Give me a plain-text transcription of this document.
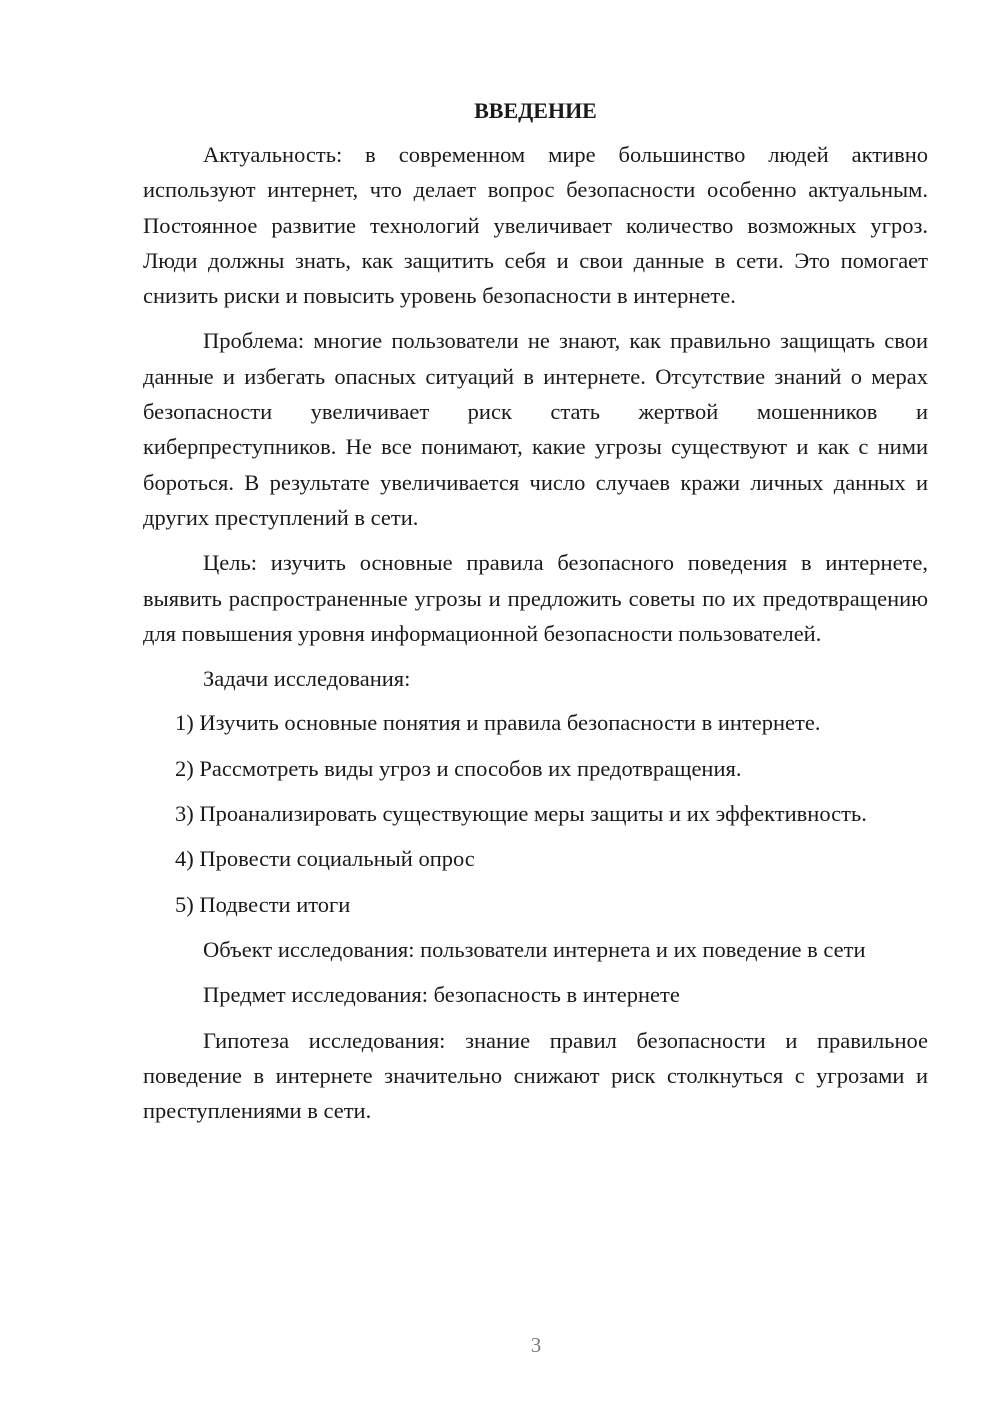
ВВЕДЕНИЕ

Актуальность: в современном мире большинство людей активно используют интернет, что делает вопрос безопасности особенно актуальным. Постоянное развитие технологий увеличивает количество возможных угроз. Люди должны знать, как защитить себя и свои данные в сети. Это помогает снизить риски и повысить уровень безопасности в интернете.

Проблема: многие пользователи не знают, как правильно защищать свои данные и избегать опасных ситуаций в интернете. Отсутствие знаний о мерах безопасности увеличивает риск стать жертвой мошенников и киберпреступников. Не все понимают, какие угрозы существуют и как с ними бороться. В результате увеличивается число случаев кражи личных данных и других преступлений в сети.

Цель: изучить основные правила безопасного поведения в интернете, выявить распространенные угрозы и предложить советы по их предотвращению для повышения уровня информационной безопасности пользователей.

Задачи исследования:

1) Изучить основные понятия и правила безопасности в интернете.

2) Рассмотреть виды угроз и способов их предотвращения.

3) Проанализировать существующие меры защиты и их эффективность.

4) Провести социальный опрос

5) Подвести итоги

Объект исследования: пользователи интернета и их поведение в сети

Предмет исследования: безопасность в интернете

Гипотеза исследования: знание правил безопасности и правильное поведение в интернете значительно снижают риск столкнуться с угрозами и преступлениями в сети.

3
